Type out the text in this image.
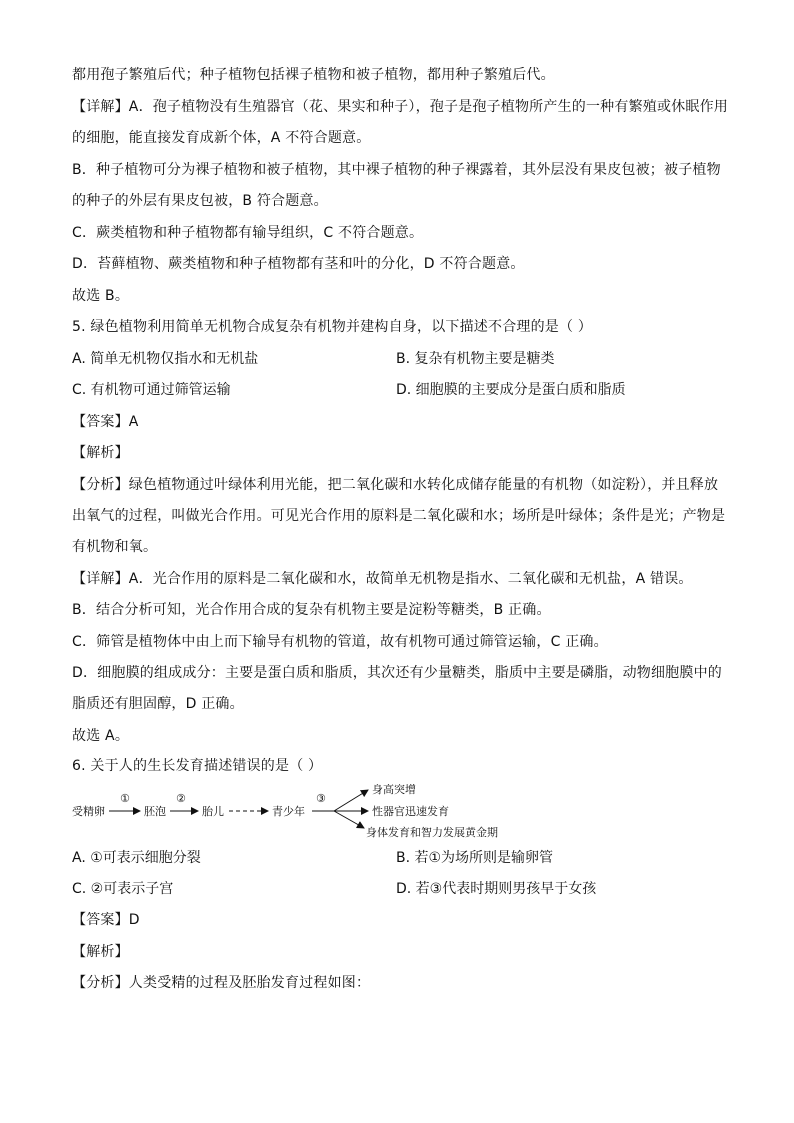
都用孢子繁殖后代；种子植物包括裸子植物和被子植物，都用种子繁殖后代。
【详解】A．孢子植物没有生殖器官（花、果实和种子），孢子是孢子植物所产生的一种有繁殖或休眠作用
的细胞，能直接发育成新个体，A 不符合题意。
B．种子植物可分为裸子植物和被子植物，其中裸子植物的种子裸露着，其外层没有果皮包被；被子植物
的种子的外层有果皮包被，B 符合题意。
C．蕨类植物和种子植物都有输导组织，C 不符合题意。
D．苔藓植物、蕨类植物和种子植物都有茎和叶的分化，D 不符合题意。
故选 B。
5. 绿色植物利用简单无机物合成复杂有机物并建构自身，以下描述不合理的是（ ）
A. 简单无机物仅指水和无机盐	B. 复杂有机物主要是糖类
C. 有机物可通过筛管运输	D. 细胞膜的主要成分是蛋白质和脂质
【答案】A
【解析】
【分析】绿色植物通过叶绿体利用光能，把二氧化碳和水转化成储存能量的有机物（如淀粉），并且释放
出氧气的过程，叫做光合作用。可见光合作用的原料是二氧化碳和水；场所是叶绿体；条件是光；产物是
有机物和氧。
【详解】A．光合作用的原料是二氧化碳和水，故简单无机物是指水、二氧化碳和无机盐，A 错误。
B．结合分析可知，光合作用合成的复杂有机物主要是淀粉等糖类，B 正确。
C．筛管是植物体中由上而下输导有机物的管道，故有机物可通过筛管运输，C 正确。
D．细胞膜的组成成分：主要是蛋白质和脂质，其次还有少量糖类，脂质中主要是磷脂，动物细胞膜中的
脂质还有胆固醇，D 正确。
故选 A。
6. 关于人的生长发育描述错误的是（ ）
受精卵
①
胚泡
②
胎儿	青少年
③
身高突增
性器官迅速发育
身体发育和智力发展黄金期
A. ①可表示细胞分裂	B. 若①为场所则是输卵管
C. ②可表示子宫	D. 若③代表时期则男孩早于女孩
【答案】D
【解析】
【分析】人类受精的过程及胚胎发育过程如图：
